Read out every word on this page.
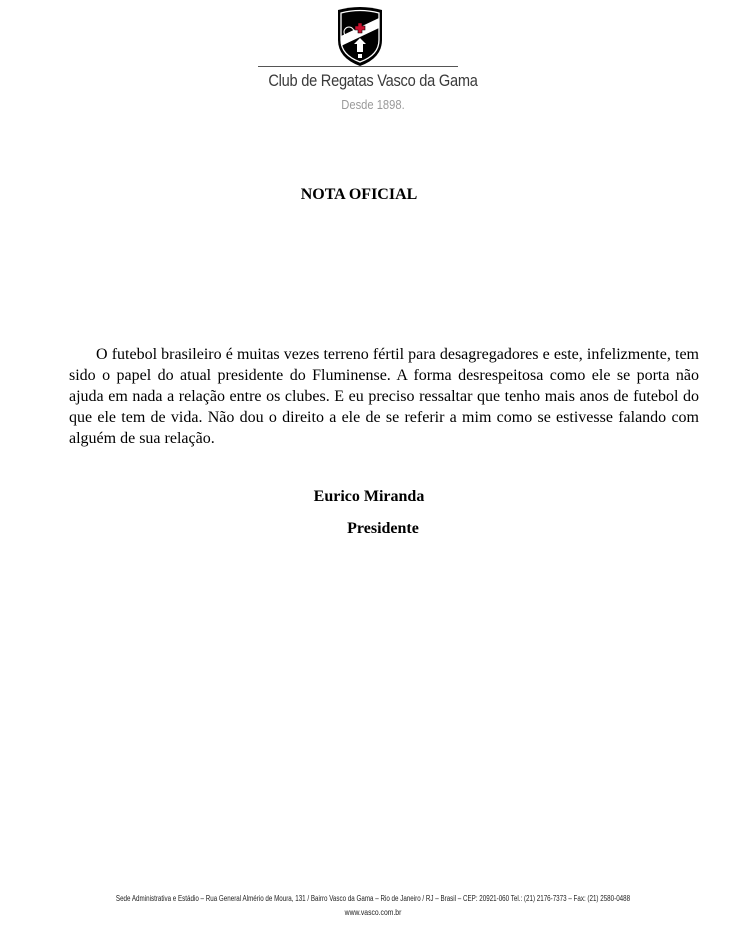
Club de Regatas Vasco da Gama
Desde 1898.
NOTA OFICIAL

O futebol brasileiro é muitas vezes terreno fértil para desagregadores e este, infelizmente, tem sido o papel do atual presidente do Fluminense. A forma desrespeitosa como ele se porta não ajuda em nada a relação entre os clubes. E eu preciso ressaltar que tenho mais anos de futebol do que ele tem de vida. Não dou o direito a ele de se referir a mim como se estivesse falando com alguém de sua relação.

Eurico Miranda
Presidente
Sede Administrativa e Estádio – Rua General Almério de Moura, 131 / Bairro Vasco da Gama – Rio de Janeiro / RJ – Brasil – CEP: 20921-060 Tel.: (21) 2176-7373 – Fax: (21) 2580-0488
www.vasco.com.br
